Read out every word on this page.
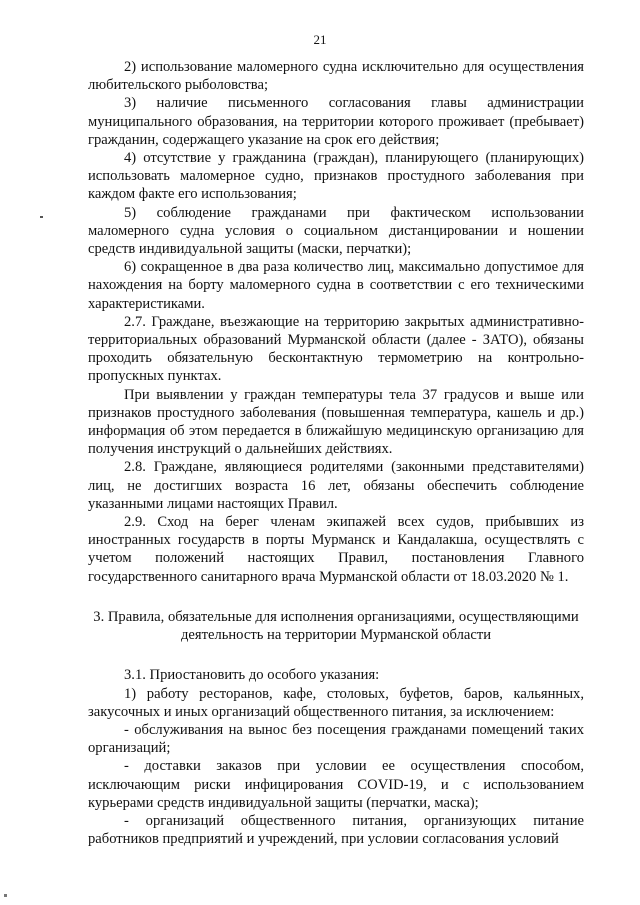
21

2) использование маломерного судна исключительно для осуществления любительского рыболовства;

3) наличие письменного согласования главы администрации муниципального образования, на территории которого проживает (пребывает) гражданин, содержащего указание на срок его действия;

4) отсутствие у гражданина (граждан), планирующего (планирующих) использовать маломерное судно, признаков простудного заболевания при каждом факте его использования;

5) соблюдение гражданами при фактическом использовании маломерного судна условия о социальном дистанцировании и ношении средств индивидуальной защиты (маски, перчатки);

6) сокращенное в два раза количество лиц, максимально допустимое для нахождения на борту маломерного судна в соответствии с его техническими характеристиками.

2.7. Граждане, въезжающие на территорию закрытых административно-территориальных образований Мурманской области (далее - ЗАТО), обязаны проходить обязательную бесконтактную термометрию на контрольно-пропускных пунктах.

При выявлении у граждан температуры тела 37 градусов и выше или признаков простудного заболевания (повышенная температура, кашель и др.) информация об этом передается в ближайшую медицинскую организацию для получения инструкций о дальнейших действиях.

2.8. Граждане, являющиеся родителями (законными представителями) лиц, не достигших возраста 16 лет, обязаны обеспечить соблюдение указанными лицами настоящих Правил.

2.9. Сход на берег членам экипажей всех судов, прибывших из иностранных государств в порты Мурманск и Кандалакша, осуществлять с учетом положений настоящих Правил, постановления Главного государственного санитарного врача Мурманской области от 18.03.2020 № 1.

3. Правила, обязательные для исполнения организациями, осуществляющими деятельность на территории Мурманской области

3.1. Приостановить до особого указания:

1) работу ресторанов, кафе, столовых, буфетов, баров, кальянных, закусочных и иных организаций общественного питания, за исключением:

- обслуживания на вынос без посещения гражданами помещений таких организаций;

- доставки заказов при условии ее осуществления способом, исключающим риски инфицирования COVID-19, и с использованием курьерами средств индивидуальной защиты (перчатки, маска);

- организаций общественного питания, организующих питание работников предприятий и учреждений, при условии согласования условий
